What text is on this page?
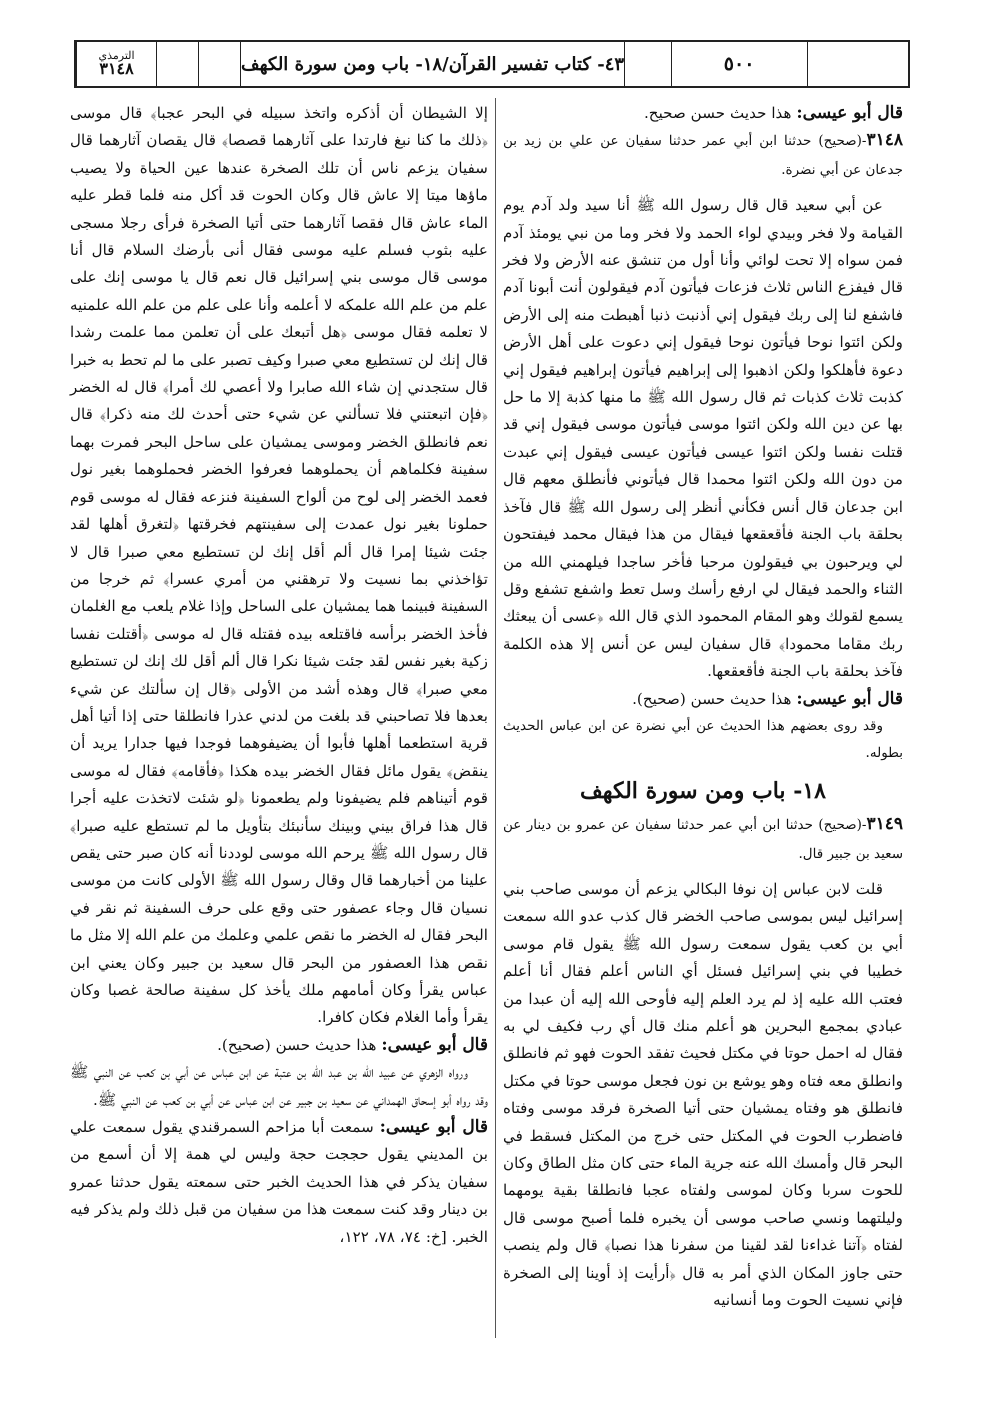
الترمذي
٣١٤٨	٤٣- كتاب تفسير القرآن/١٨- باب ومن سورة الكهف	٥٠٠

قال أبو عيسى: هذا حديث حسن صحيح.

٣١٤٨-(صحيح) حدثنا ابن أبي عمر حدثنا سفيان عن علي بن زيد بن جدعان عن أبي نضرة.

عن أبي سعيد قال قال رسول الله ﷺ أنا سيد ولد آدم يوم القيامة ولا فخر وبيدي لواء الحمد ولا فخر وما من نبي يومئذ آدم فمن سواه إلا تحت لوائي وأنا أول من تنشق عنه الأرض ولا فخر قال فيفزع الناس ثلاث فزعات فيأتون آدم فيقولون أنت أبونا آدم فاشفع لنا إلى ربك فيقول إني أذنبت ذنبا أهبطت منه إلى الأرض ولكن ائتوا نوحا فيأتون نوحا فيقول إني دعوت على أهل الأرض دعوة فأهلكوا ولكن اذهبوا إلى إبراهيم فيأتون إبراهيم فيقول إني كذبت ثلاث كذبات ثم قال رسول الله ﷺ ما منها كذبة إلا ما حل بها عن دين الله ولكن ائتوا موسى فيأتون موسى فيقول إني قد قتلت نفسا ولكن ائتوا عيسى فيأتون عيسى فيقول إني عبدت من دون الله ولكن ائتوا محمدا قال فيأتوني فأنطلق معهم قال ابن جدعان قال أنس فكأني أنظر إلى رسول الله ﷺ قال فآخذ بحلقة باب الجنة فأقعقعها فيقال من هذا فيقال محمد فيفتحون لي ويرحبون بي فيقولون مرحبا فأخر ساجدا فيلهمني الله من الثناء والحمد فيقال لي ارفع رأسك وسل تعط واشفع تشفع وقل يسمع لقولك وهو المقام المحمود الذي قال الله ﴿عسى أن يبعثك ربك مقاما محمودا﴾ قال سفيان ليس عن أنس إلا هذه الكلمة فآخذ بحلقة باب الجنة فأقعقعها.

قال أبو عيسى: هذا حديث حسن (صحيح).

وقد روى بعضهم هذا الحديث عن أبي نضرة عن ابن عباس الحديث بطوله.

١٨- باب ومن سورة الكهف

٣١٤٩-(صحيح) حدثنا ابن أبي عمر حدثنا سفيان عن عمرو بن دينار عن سعيد بن جبير قال.

قلت لابن عباس إن نوفا البكالي يزعم أن موسى صاحب بني إسرائيل ليس بموسى صاحب الخضر قال كذب عدو الله سمعت أبي بن كعب يقول سمعت رسول الله ﷺ يقول قام موسى خطيبا في بني إسرائيل فسئل أي الناس أعلم فقال أنا أعلم فعتب الله عليه إذ لم يرد العلم إليه فأوحى الله إليه أن عبدا من عبادي بمجمع البحرين هو أعلم منك قال أي رب فكيف لي به فقال له احمل حوتا في مكتل فحيث تفقد الحوت فهو ثم فانطلق وانطلق معه فتاه وهو يوشع بن نون فجعل موسى حوتا في مكتل فانطلق هو وفتاه يمشيان حتى أتيا الصخرة فرقد موسى وفتاه فاضطرب الحوت في المكتل حتى خرج من المكتل فسقط في البحر قال وأمسك الله عنه جرية الماء حتى كان مثل الطاق وكان للحوت سربا وكان لموسى ولفتاه عجبا فانطلقا بقية يومهما وليلتهما ونسي صاحب موسى أن يخبره فلما أصبح موسى قال لفتاه ﴿آتنا غداءنا لقد لقينا من سفرنا هذا نصبا﴾ قال ولم ينصب حتى جاوز المكان الذي أمر به قال ﴿أرأيت إذ أوينا إلى الصخرة فإني نسيت الحوت وما أنسانيه

إلا الشيطان أن أذكره واتخذ سبيله في البحر عجبا﴾ قال موسى ﴿ذلك ما كنا نبغ فارتدا على آثارهما قصصا﴾ قال يقصان آثارهما قال سفيان يزعم ناس أن تلك الصخرة عندها عين الحياة ولا يصيب ماؤها ميتا إلا عاش قال وكان الحوت قد أكل منه فلما قطر عليه الماء عاش قال فقصا آثارهما حتى أتيا الصخرة فرأى رجلا مسجى عليه بثوب فسلم عليه موسى فقال أنى بأرضك السلام قال أنا موسى قال موسى بني إسرائيل قال نعم قال يا موسى إنك على علم من علم الله علمكه لا أعلمه وأنا على علم من علم الله علمنيه لا تعلمه فقال موسى ﴿هل أتبعك على أن تعلمن مما علمت رشدا قال إنك لن تستطيع معي صبرا وكيف تصبر على ما لم تحط به خبرا قال ستجدني إن شاء الله صابرا ولا أعصي لك أمرا﴾ قال له الخضر ﴿فإن اتبعتني فلا تسألني عن شيء حتى أحدث لك منه ذكرا﴾ قال نعم فانطلق الخضر وموسى يمشيان على ساحل البحر فمرت بهما سفينة فكلماهم أن يحملوهما فعرفوا الخضر فحملوهما بغير نول فعمد الخضر إلى لوح من ألواح السفينة فنزعه فقال له موسى قوم حملونا بغير نول عمدت إلى سفينتهم فخرقتها ﴿لتغرق أهلها لقد جئت شيئا إمرا قال ألم أقل إنك لن تستطيع معي صبرا قال لا تؤاخذني بما نسيت ولا ترهقني من أمري عسرا﴾ ثم خرجا من السفينة فبينما هما يمشيان على الساحل وإذا غلام يلعب مع الغلمان فأخذ الخضر برأسه فاقتلعه بيده فقتله قال له موسى ﴿أقتلت نفسا زكية بغير نفس لقد جئت شيئا نكرا قال ألم أقل لك إنك لن تستطيع معي صبرا﴾ قال وهذه أشد من الأولى ﴿قال إن سألتك عن شيء بعدها فلا تصاحبني قد بلغت من لدني عذرا فانطلقا حتى إذا أتيا أهل قرية استطعما أهلها فأبوا أن يضيفوهما فوجدا فيها جدارا يريد أن ينقض﴾ يقول مائل فقال الخضر بيده هكذا ﴿فأقامه﴾ فقال له موسى قوم أتيناهم فلم يضيفونا ولم يطعمونا ﴿لو شئت لاتخذت عليه أجرا قال هذا فراق بيني وبينك سأنبئك بتأويل ما لم تستطع عليه صبرا﴾ قال رسول الله ﷺ يرحم الله موسى لوددنا أنه كان صبر حتى يقص علينا من أخبارهما قال وقال رسول الله ﷺ الأولى كانت من موسى نسيان قال وجاء عصفور حتى وقع على حرف السفينة ثم نقر في البحر فقال له الخضر ما نقص علمي وعلمك من علم الله إلا مثل ما نقص هذا العصفور من البحر قال سعيد بن جبير وكان يعني ابن عباس يقرأ وكان أمامهم ملك يأخذ كل سفينة صالحة غصبا وكان يقرأ وأما الغلام فكان كافرا.

قال أبو عيسى: هذا حديث حسن (صحيح).

ورواه الزهري عن عبيد الله بن عبد الله بن عتبة عن ابن عباس عن أبي بن كعب عن النبي ﷺ وقد رواه أبو إسحاق الهمداني عن سعيد بن جبير عن ابن عباس عن أبي بن كعب عن النبي ﷺ.

قال أبو عيسى: سمعت أبا مزاحم السمرقندي يقول سمعت علي بن المديني يقول حججت حجة وليس لي همة إلا أن أسمع من سفيان يذكر في هذا الحديث الخبر حتى سمعته يقول حدثنا عمرو بن دينار وقد كنت سمعت هذا من سفيان من قبل ذلك ولم يذكر فيه الخبر. [خ: ٧٤، ٧٨، ١٢٢،
